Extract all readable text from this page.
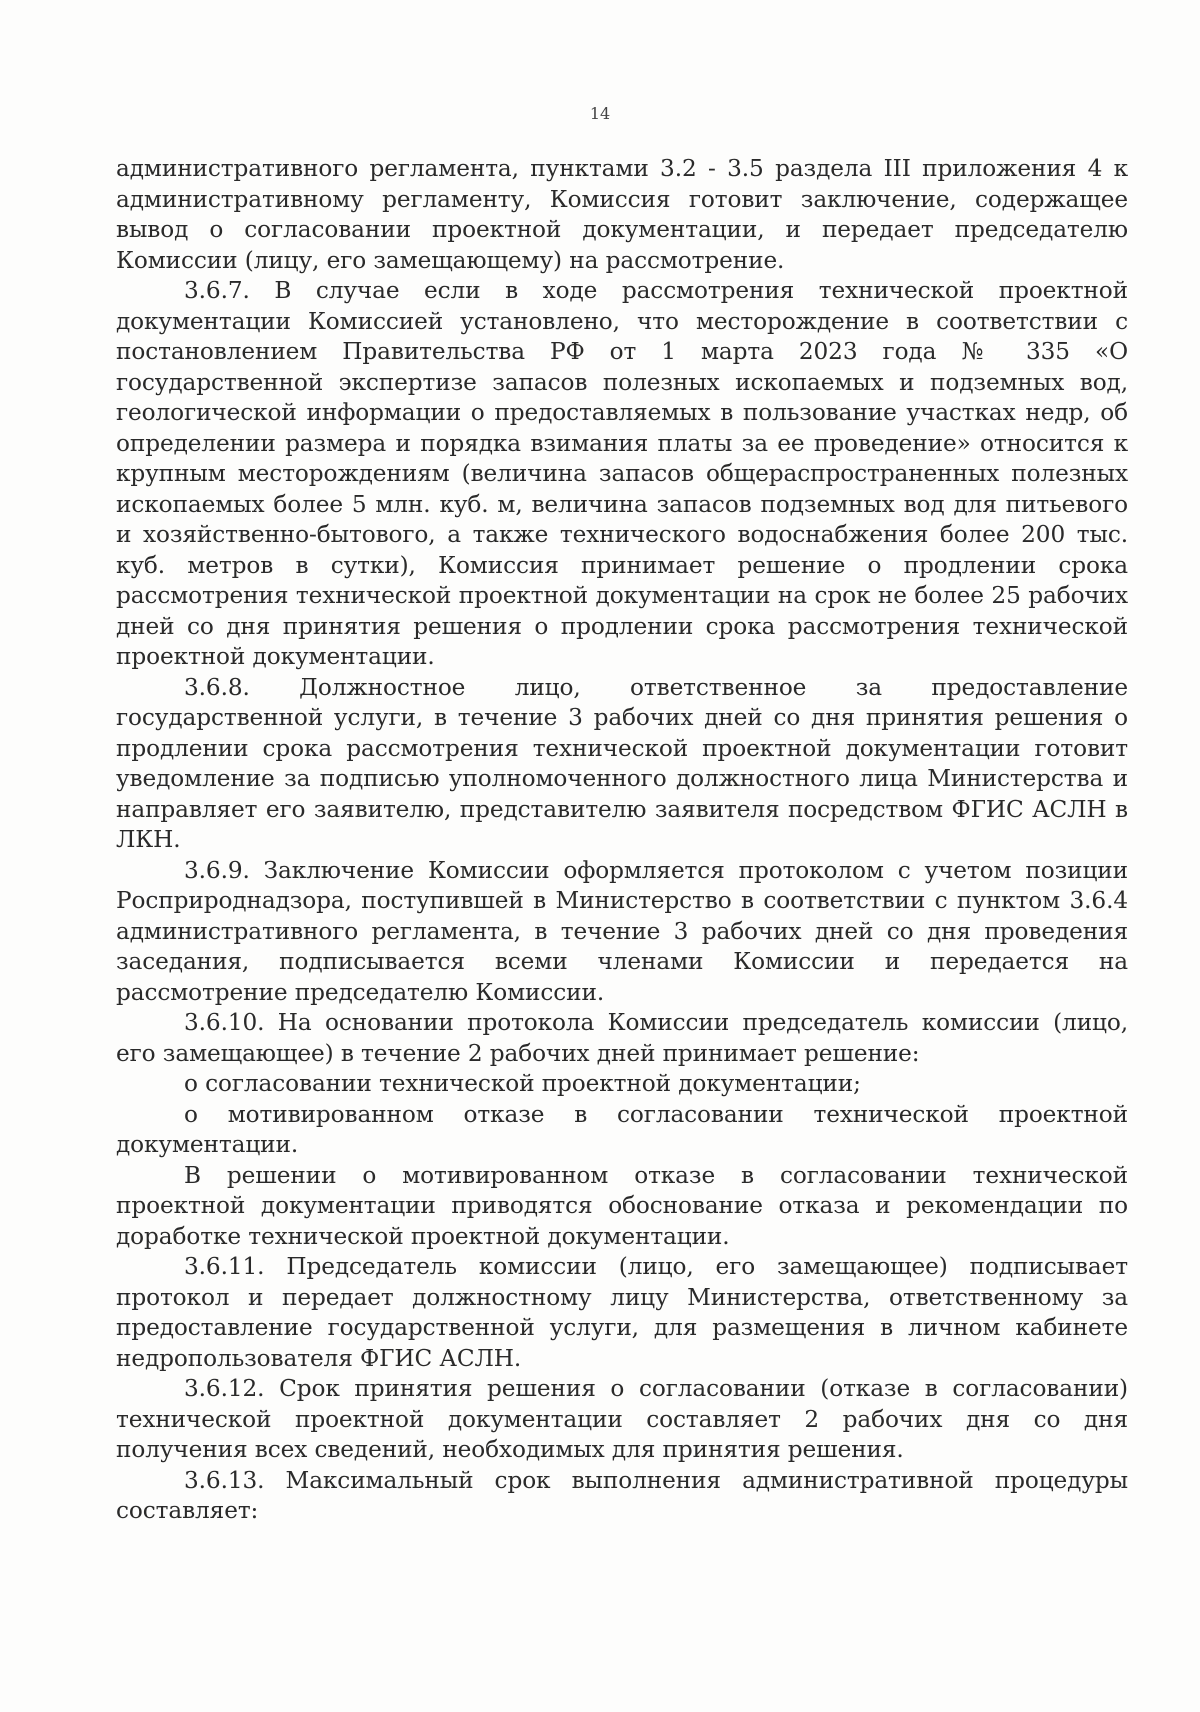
14

административного регламента, пунктами 3.2 - 3.5 раздела III приложения 4 к административному регламенту, Комиссия готовит заключение, содержащее вывод о согласовании проектной документации, и передает председателю Комиссии (лицу, его замещающему) на рассмотрение.

3.6.7. В случае если в ходе рассмотрения технической проектной документации Комиссией установлено, что месторождение в соответствии с постановлением Правительства РФ от 1 марта 2023 года № 335 «О государственной экспертизе запасов полезных ископаемых и подземных вод, геологической информации о предоставляемых в пользование участках недр, об определении размера и порядка взимания платы за ее проведение» относится к крупным месторождениям (величина запасов общераспространенных полезных ископаемых более 5 млн. куб. м, величина запасов подземных вод для питьевого и хозяйственно-бытового, а также технического водоснабжения более 200 тыс. куб. метров в сутки), Комиссия принимает решение о продлении срока рассмотрения технической проектной документации на срок не более 25 рабочих дней со дня принятия решения о продлении срока рассмотрения технической проектной документации.

3.6.8. Должностное лицо, ответственное за предоставление государственной услуги, в течение 3 рабочих дней со дня принятия решения о продлении срока рассмотрения технической проектной документации готовит уведомление за подписью уполномоченного должностного лица Министерства и направляет его заявителю, представителю заявителя посредством ФГИС АСЛН в ЛКН.

3.6.9. Заключение Комиссии оформляется протоколом с учетом позиции Росприроднадзора, поступившей в Министерство в соответствии с пунктом 3.6.4 административного регламента, в течение 3 рабочих дней со дня проведения заседания, подписывается всеми членами Комиссии и передается на рассмотрение председателю Комиссии.

3.6.10. На основании протокола Комиссии председатель комиссии (лицо, его замещающее) в течение 2 рабочих дней принимает решение:

о согласовании технической проектной документации;

о мотивированном отказе в согласовании технической проектной документации.

В решении о мотивированном отказе в согласовании технической проектной документации приводятся обоснование отказа и рекомендации по доработке технической проектной документации.

3.6.11. Председатель комиссии (лицо, его замещающее) подписывает протокол и передает должностному лицу Министерства, ответственному за предоставление государственной услуги, для размещения в личном кабинете недропользователя ФГИС АСЛН.

3.6.12. Срок принятия решения о согласовании (отказе в согласовании) технической проектной документации составляет 2 рабочих дня со дня получения всех сведений, необходимых для принятия решения.

3.6.13. Максимальный срок выполнения административной процедуры составляет:
